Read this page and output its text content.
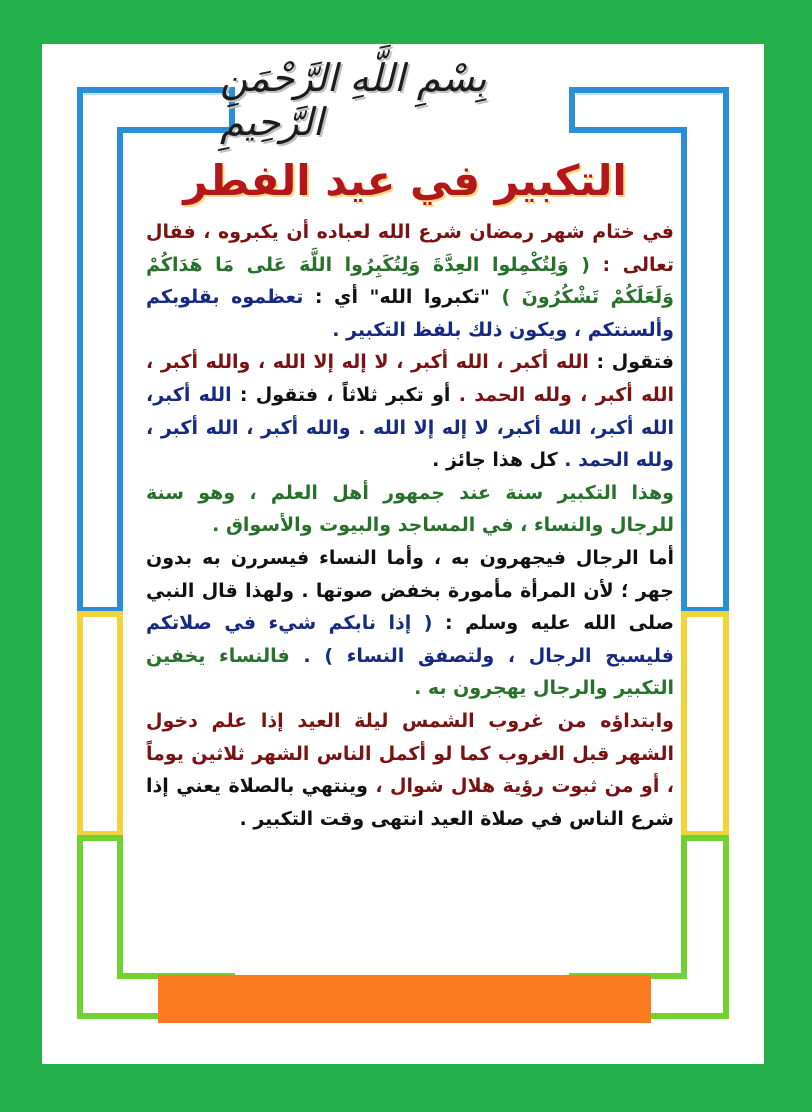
بِسْمِ اللَّهِ الرَّحْمَنِ الرَّحِيمِ
التكبير في عيد الفطر

في ختام شهر رمضان شرع الله لعباده أن يكبروه ، فقال تعالى : ( وَلِتُكْمِلوا العِدَّةَ وَلِتُكَبِرُوا اللَّهَ عَلى مَا هَدَاكُمْ وَلَعَلَكُمْ تَشْكُرُونَ ) "تكبروا الله" أي : تعظموه بقلوبكم وألسنتكم ، ويكون ذلك بلفظ التكبير .

فتقول : الله أكبر ، الله أكبر ، لا إله إلا الله ، والله أكبر ، الله أكبر ، ولله الحمد . أو تكبر ثلاثاً ، فتقول : الله أكبر، الله أكبر، الله أكبر، لا إله إلا الله . والله أكبر ، الله أكبر ، ولله الحمد . كل هذا جائز .

وهذا التكبير سنة عند جمهور أهل العلم ، وهو سنة للرجال والنساء ، في المساجد والبيوت والأسواق .

أما الرجال فيجهرون به ، وأما النساء فيسررن به بدون جهر ؛ لأن المرأة مأمورة بخفض صوتها . ولهذا قال النبي صلى الله عليه وسلم : ( إذا نابكم شيء في صلاتكم فليسبح الرجال ، ولتصفق النساء ) . فالنساء يخفين التكبير والرجال يهجرون به .

وابتداؤه من غروب الشمس ليلة العيد إذا علم دخول الشهر قبل الغروب كما لو أكمل الناس الشهر ثلاثين يوماً ، أو من ثبوت رؤية هلال شوال ، وينتهي بالصلاة يعني إذا شرع الناس في صلاة العيد انتهى وقت التكبير .
